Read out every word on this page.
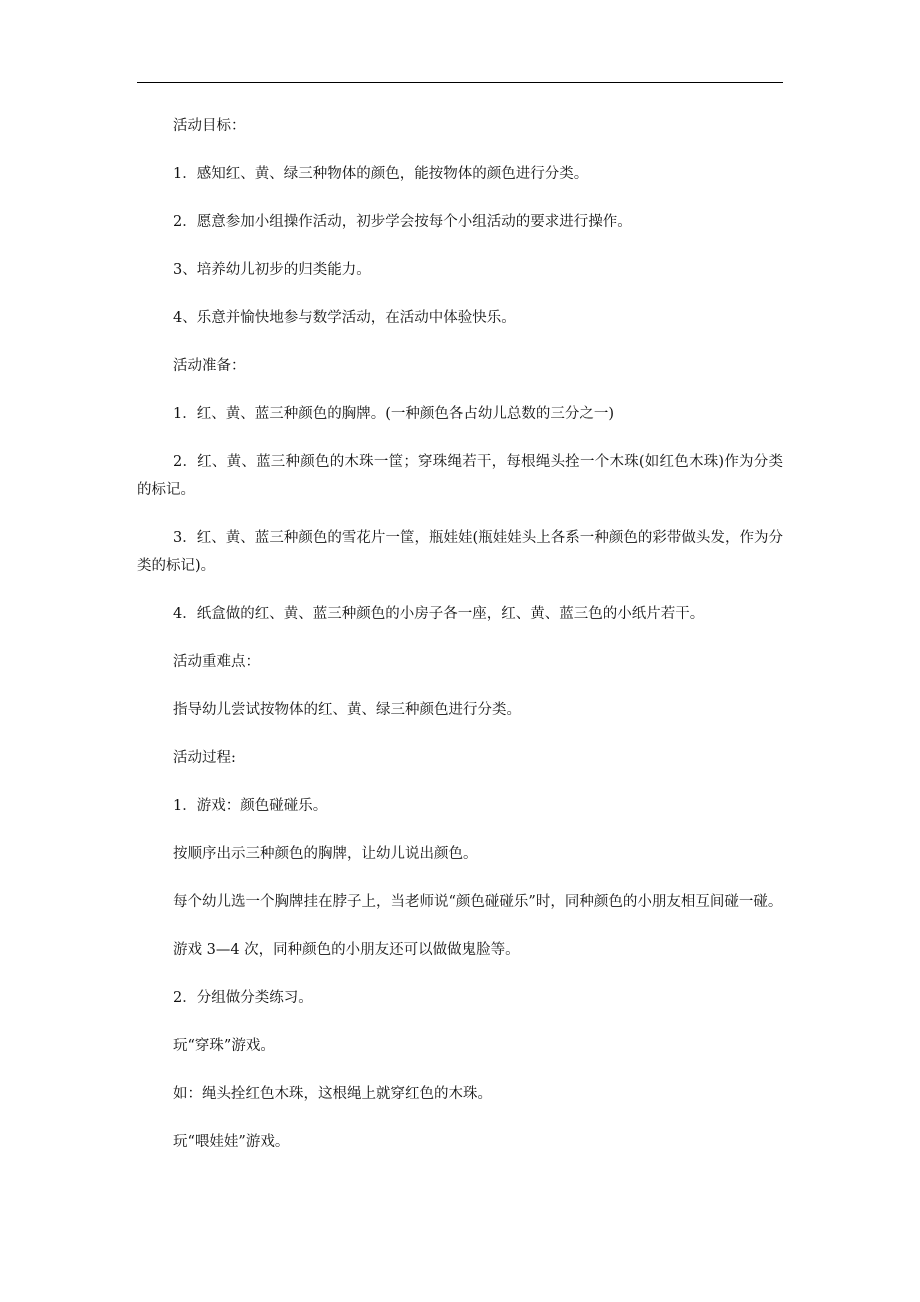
活动目标：

1．感知红、黄、绿三种物体的颜色，能按物体的颜色进行分类。

2．愿意参加小组操作活动，初步学会按每个小组活动的要求进行操作。

3、培养幼儿初步的归类能力。

4、乐意并愉快地参与数学活动，在活动中体验快乐。

活动准备：

1．红、黄、蓝三种颜色的胸牌。(一种颜色各占幼儿总数的三分之一)

2．红、黄、蓝三种颜色的木珠一筐；穿珠绳若干，每根绳头拴一个木珠(如红色木珠)作为分类的标记。

3．红、黄、蓝三种颜色的雪花片一筐，瓶娃娃(瓶娃娃头上各系一种颜色的彩带做头发，作为分类的标记)。

4．纸盒做的红、黄、蓝三种颜色的小房子各一座，红、黄、蓝三色的小纸片若干。

活动重难点：

指导幼儿尝试按物体的红、黄、绿三种颜色进行分类。

活动过程:

1．游戏：颜色碰碰乐。

按顺序出示三种颜色的胸牌，让幼儿说出颜色。

每个幼儿选一个胸牌挂在脖子上，当老师说“颜色碰碰乐”时，同种颜色的小朋友相互间碰一碰。

游戏 3—4 次，同种颜色的小朋友还可以做做鬼脸等。

2．分组做分类练习。

玩“穿珠”游戏。

如：绳头拴红色木珠，这根绳上就穿红色的木珠。

玩“喂娃娃”游戏。
